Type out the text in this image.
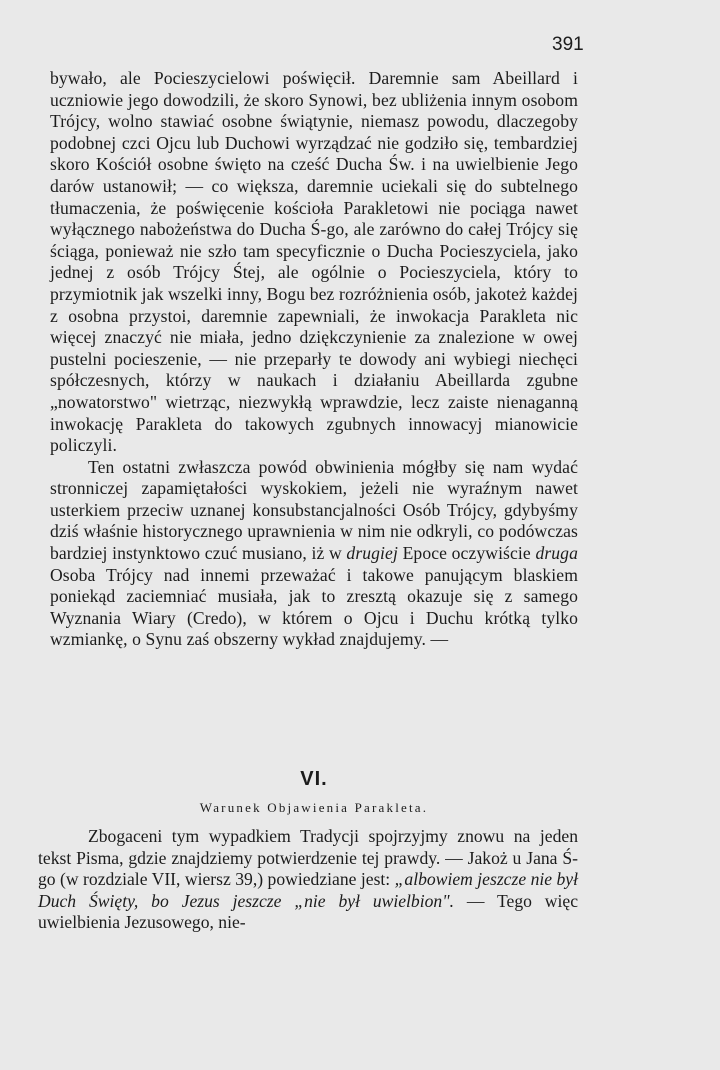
391

bywało, ale Pocieszycielowi poświęcił. Daremnie sam Abeillard i uczniowie jego dowodzili, że skoro Synowi, bez ubliżenia innym osobom Trójcy, wolno stawiać osobne świątynie, niemasz powodu, dlaczegoby podobnej czci Ojcu lub Duchowi wyrządzać nie godziło się, tembardziej skoro Kościół osobne święto na cześć Ducha Św. i na uwielbienie Jego darów ustanowił; — co większa, daremnie uciekali się do subtelnego tłumaczenia, że poświęcenie kościoła Parakletowi nie pociąga nawet wyłącznego nabożeństwa do Ducha Ś-go, ale zarówno do całej Trójcy się ściąga, ponieważ nie szło tam specyficznie o Ducha Pocieszyciela, jako jednej z osób Trójcy Śtej, ale ogólnie o Pocieszyciela, który to przymiotnik jak wszelki inny, Bogu bez rozróżnienia osób, jakoteż każdej z osobna przystoi, daremnie zapewniali, że inwokacja Parakleta nic więcej znaczyć nie miała, jedno dziękczynienie za znalezione w owej pustelni pocieszenie, — nie przeparły te dowody ani wybiegi niechęci spółczesnych, którzy w naukach i działaniu Abeillarda zgubne „nowatorstwo" wietrząc, niezwykłą wprawdzie, lecz zaiste nienaganną inwokację Parakleta do takowych zgubnych innowacyj mianowicie policzyli.

Ten ostatni zwłaszcza powód obwinienia mógłby się nam wydać stronniczej zapamiętałości wyskokiem, jeżeli nie wyraźnym nawet usterkiem przeciw uznanej konsubstancjalności Osób Trójcy, gdybyśmy dziś właśnie historycznego uprawnienia w nim nie odkryli, co podówczas bardziej instynktowo czuć musiano, iż w drugiej Epoce oczywiście druga Osoba Trójcy nad innemi przeważać i takowe panującym blaskiem poniekąd zaciemniać musiała, jak to zresztą okazuje się z samego Wyznania Wiary (Credo), w którem o Ojcu i Duchu krótką tylko wzmiankę, o Synu zaś obszerny wykład znajdujemy. —

VI.
Warunek Objawienia Parakleta.

Zbogaceni tym wypadkiem Tradycji spojrzyjmy znowu na jeden tekst Pisma, gdzie znajdziemy potwierdzenie tej prawdy. — Jakoż u Jana Ś-go (w rozdziale VII, wiersz 39,) powiedziane jest: „albowiem jeszcze nie był Duch Święty, bo Jezus jeszcze „nie był uwielbion". — Tego więc uwielbienia Jezusowego, nie-
